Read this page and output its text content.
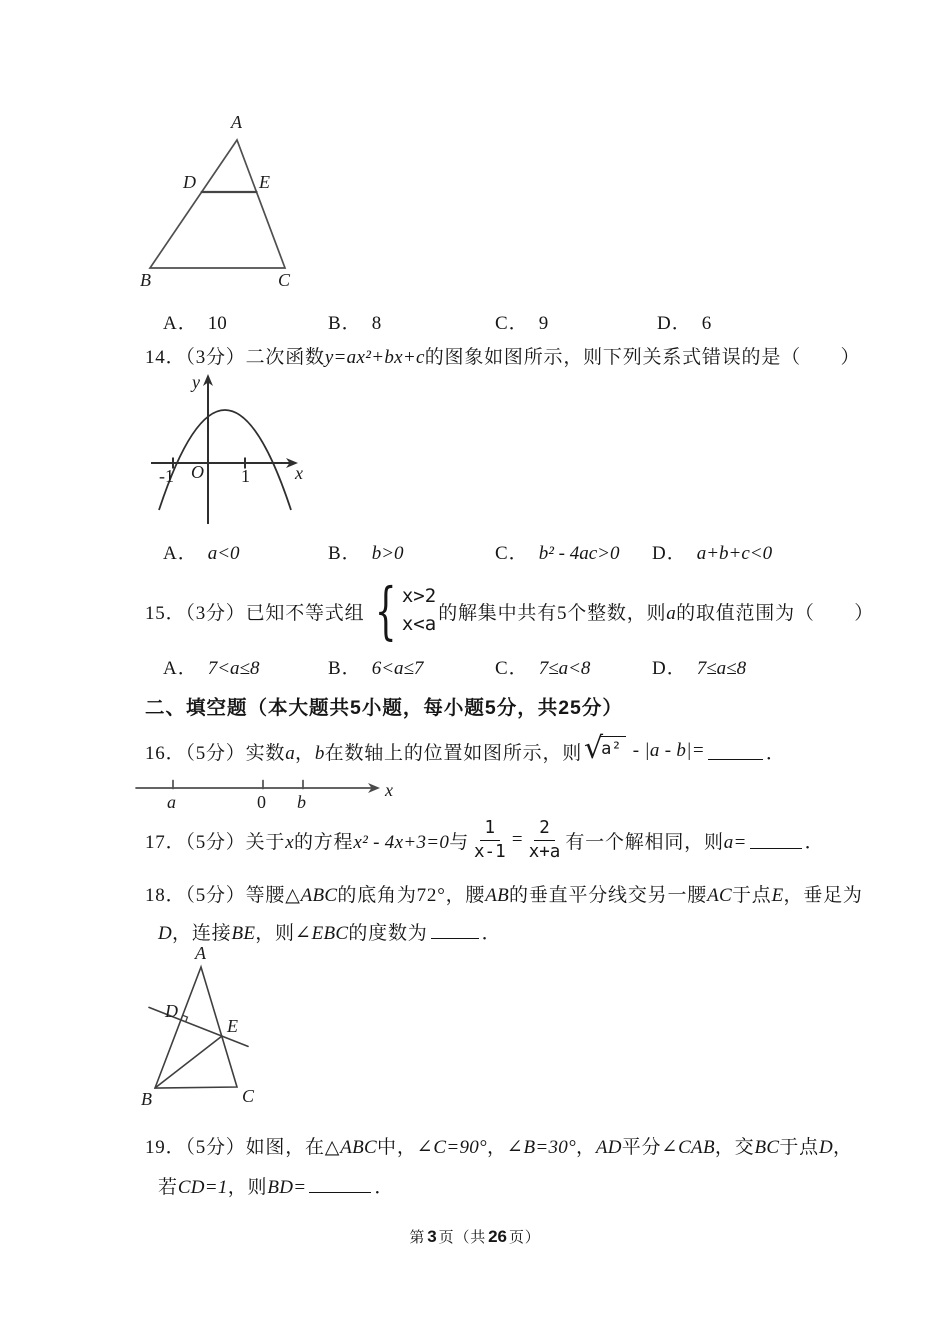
A
B	C
D	E
A． 10	B． 8	C． 9	D． 6
14．（3分）二次函数 y=ax²+bx+c 的图象如图所示，则下列关系式错误的是（　　）
y
x
O
-1	1
A． a<0	B． b>0	C． b² - 4ac>0 D． a+b+c<0
15．（3分）已知不等式组 { x>2
x<a 的解集中共有5个整数，则a的取值范围为（　　）
A． 7<a≤8	B． 6<a≤7	C． 7≤a<8	D． 7≤a≤8
二、填空题（本大题共5小题，每小题5分，共25分）
16．（5分）实数a，b在数轴上的位置如图所示，则 √
a² - |a - b|=	．
a	0 b
x
17．（5分）关于x的方程x² - 4x+3=0与 $\frac{1}{x-1} = \frac{2}{x+a}$ 有一个解相同，则a=	．
18．（5分）等腰△ ABC 的底角为72°，腰 AB 的垂直平分线交另一腰 AC 于点 E ，垂足为
D，连接BE，则∠EBC的度数为	．
A
B	C
D
E
19．（5分）如图，在△ ABC 中，∠ C=90° ，∠ B=30° ， AD 平分∠ CAB ，交 BC 于点 D ，
若CD=1，则BD=	．
第 3 页（共 26 页）
